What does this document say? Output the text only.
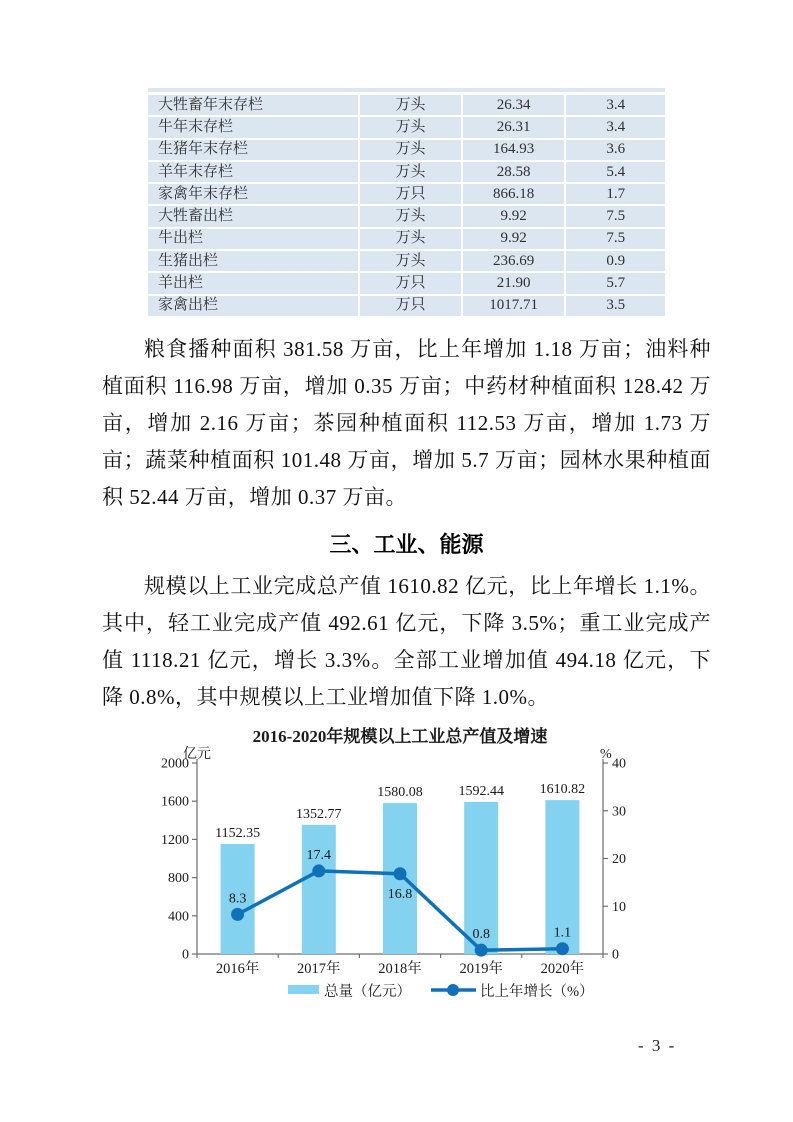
大牲畜年末存栏	万头	26.34	3.4
牛年末存栏	万头	26.31	3.4
生猪年末存栏	万头	164.93	3.6
羊年末存栏	万头	28.58	5.4
家禽年末存栏	万只	866.18	1.7
大牲畜出栏	万头	9.92	7.5
牛出栏	万头	9.92	7.5
生猪出栏	万头	236.69	0.9
羊出栏	万只	21.90	5.7
家禽出栏	万只	1017.71	3.5

粮食播种面积 381.58 万亩，比上年增加 1.18 万亩；油料种植面积 116.98 万亩，增加 0.35 万亩；中药材种植面积 128.42 万亩，增加 2.16 万亩；茶园种植面积 112.53 万亩，增加 1.73 万亩；蔬菜种植面积 101.48 万亩，增加 5.7 万亩；园林水果种植面积 52.44 万亩，增加 0.37 万亩。

三、工业、能源

规模以上工业完成总产值 1610.82 亿元，比上年增长 1.1%。其中，轻工业完成产值 492.61 亿元，下降 3.5%；重工业完成产值 1118.21 亿元，增长 3.3%。全部工业增加值 494.18 亿元，下降 0.8%，其中规模以上工业增加值下降 1.0%。

2016-2020年规模以上工业总产值及增速
亿元	%
0
400
800
1200
1600
2000
0
10
20
30
40
2016年	2017年	2018年	2019年	2020年
1152.35
1352.77
1580.08	1592.44	1610.82
8.3
17.4
16.8
0.8	1.1
总量（亿元）	比上年增长（%）
- 3 -
